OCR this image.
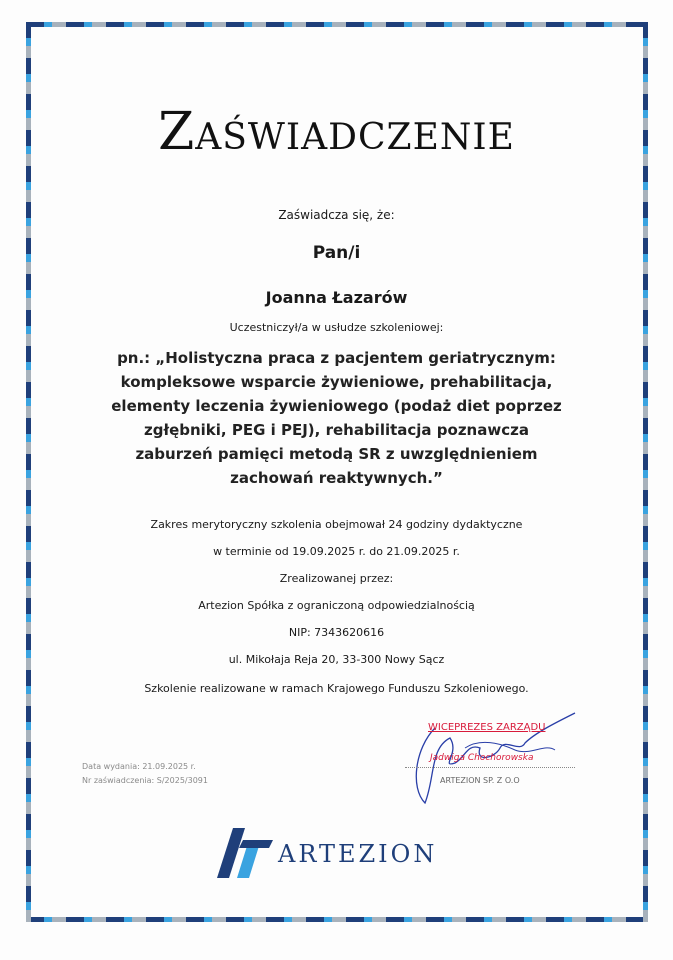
Zaświadczenie
Zaświadcza się, że:
Pan/i
Joanna Łazarów
Uczestniczył/a w usłudze szkoleniowej:
pn.: „Holistyczna praca z pacjentem geriatrycznym:
kompleksowe wsparcie żywieniowe, prehabilitacja,
elementy leczenia żywieniowego (podaż diet poprzez
zgłębniki, PEG i PEJ), rehabilitacja poznawcza
zaburzeń pamięci metodą SR z uwzględnieniem
zachowań reaktywnych.”
Zakres merytoryczny szkolenia obejmował 24 godziny dydaktyczne
w terminie od 19.09.2025 r. do 21.09.2025 r.
Zrealizowanej przez:
Artezion Spółka z ograniczoną odpowiedzialnością
NIP: 7343620616
ul. Mikołaja Reja 20, 33-300 Nowy Sącz
Szkolenie realizowane w ramach Krajowego Funduszu Szkoleniowego.
Data wydania: 21.09.2025 r.
Nr zaświadczenia: S/2025/3091
WICEPREZES ZARZĄDU
Jadwiga Chochorowska
ARTEZION SP. Z O.O
ARTEZION
